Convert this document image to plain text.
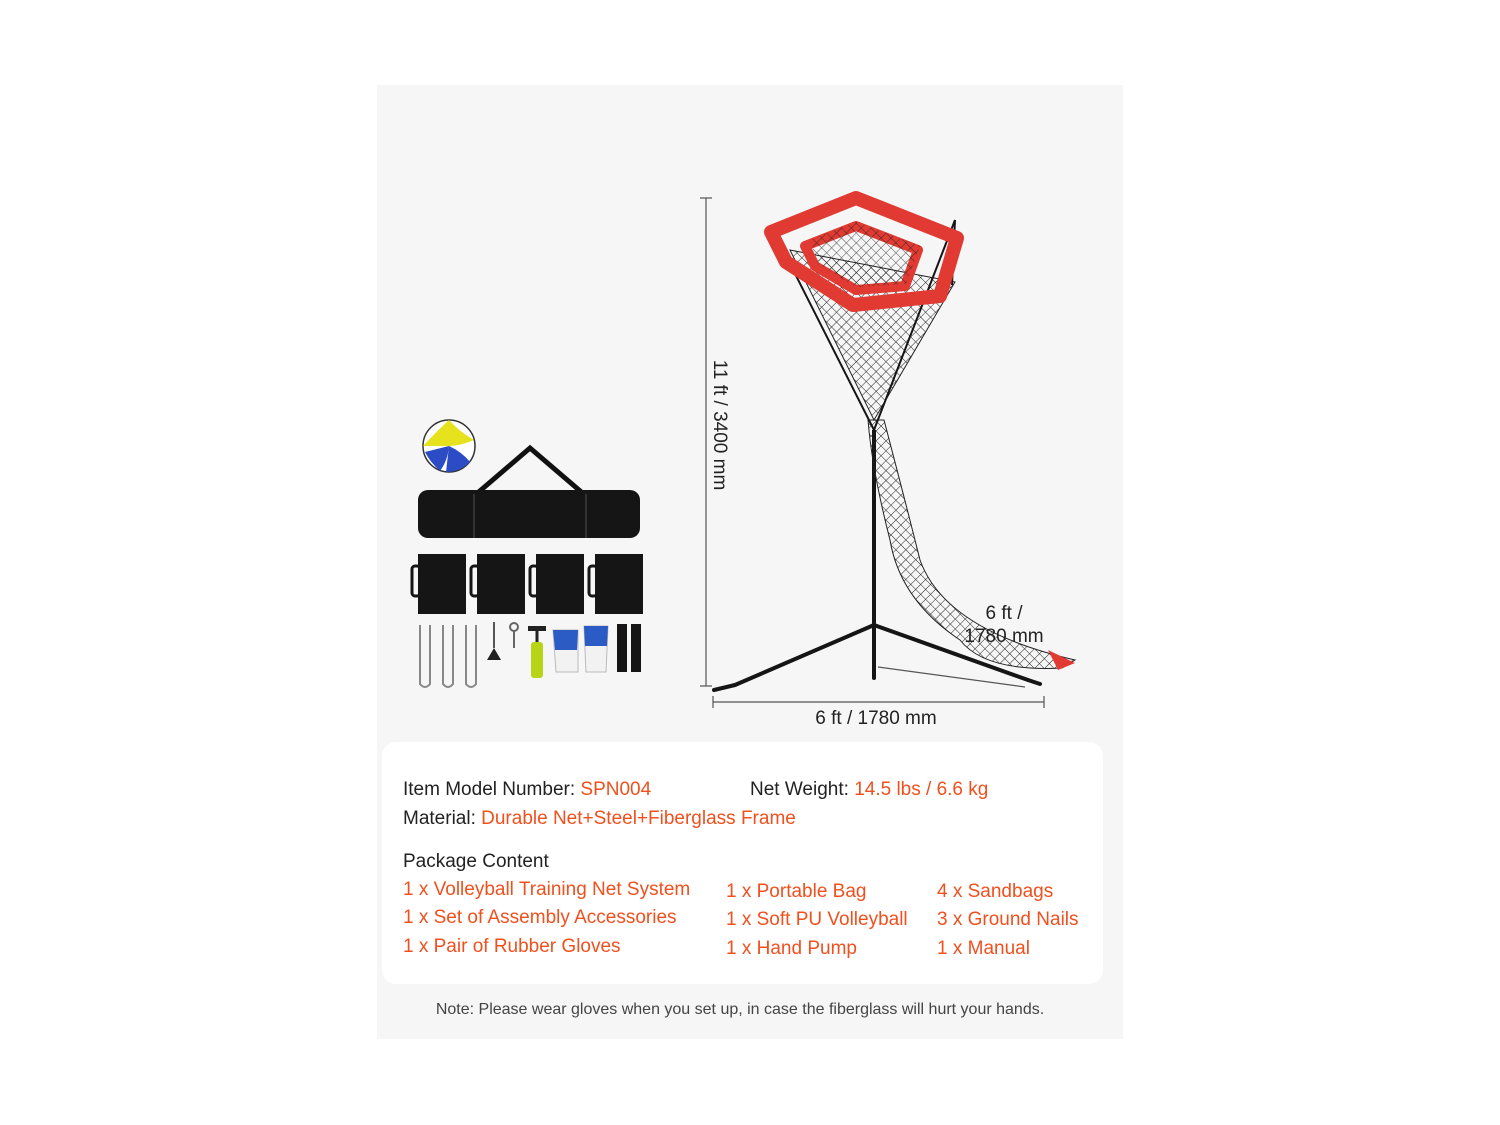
11 ft / 3400 mm
6 ft / 1780 mm
6 ft /
1780 mm
Item Model Number: SPN004	Net Weight: 14.5 lbs / 6.6 kg
Material: Durable Net+Steel+Fiberglass Frame
Package Content
1 x Volleyball Training Net System
1 x Set of Assembly Accessories
1 x Pair of Rubber Gloves
1 x Portable Bag
1 x Soft PU Volleyball
1 x Hand Pump
4 x Sandbags
3 x Ground Nails
1 x Manual
Note: Please wear gloves when you set up, in case the fiberglass will hurt your hands.
